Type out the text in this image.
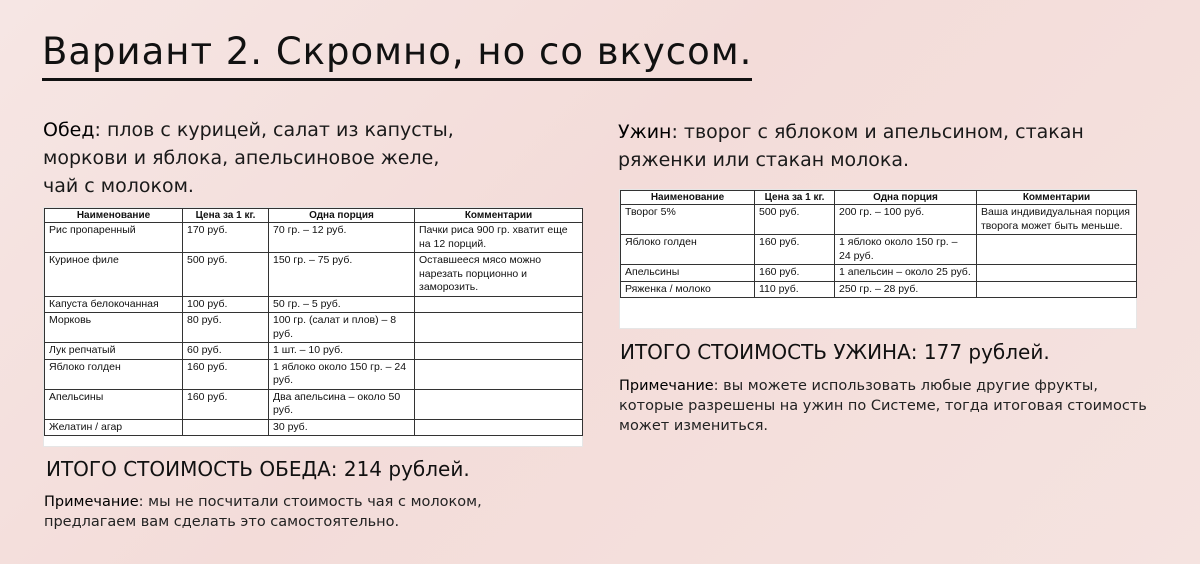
Вариант 2. Скромно, но со вкусом.
Обед: плов с курицей, салат из капусты,
моркови и яблока, апельсиновое желе,
чай с молоком.
Наименование	Цена за 1 кг.	Одна порция	Комментарии
Рис пропаренный	170 руб.	70 гр. – 12 руб.	Пачки риса 900 гр. хватит еще на 12 порций.
Куриное филе	500 руб.	150 гр. – 75 руб.	Оставшееся мясо можно нарезать порционно и заморозить.
Капуста белокочанная	100 руб.	50 гр. – 5 руб.	
Морковь	80 руб.	100 гр. (салат и плов) – 8 руб.	
Лук репчатый	60 руб.	1 шт. – 10 руб.	
Яблоко голден	160 руб.	1 яблоко около 150 гр. – 24 руб.	
Апельсины	160 руб.	Два апельсина – около 50 руб.	
Желатин / агар		30 руб.	
ИТОГО СТОИМОСТЬ ОБЕДА: 214 рублей.
Примечание: мы не посчитали стоимость чая с молоком,
предлагаем вам сделать это самостоятельно.
Ужин: творог с яблоком и апельсином, стакан
ряженки или стакан молока.
Наименование	Цена за 1 кг.	Одна порция	Комментарии
Творог 5%	500 руб.	200 гр. – 100 руб.	Ваша индивидуальная порция творога может быть меньше.
Яблоко голден	160 руб.	1 яблоко около 150 гр. – 24 руб.	
Апельсины	160 руб.	1 апельсин – около 25 руб.	
Ряженка / молоко	110 руб.	250 гр. – 28 руб.	
ИТОГО СТОИМОСТЬ УЖИНА: 177 рублей.
Примечание: вы можете использовать любые другие фрукты,
которые разрешены на ужин по Системе, тогда итоговая стоимость
может измениться.
